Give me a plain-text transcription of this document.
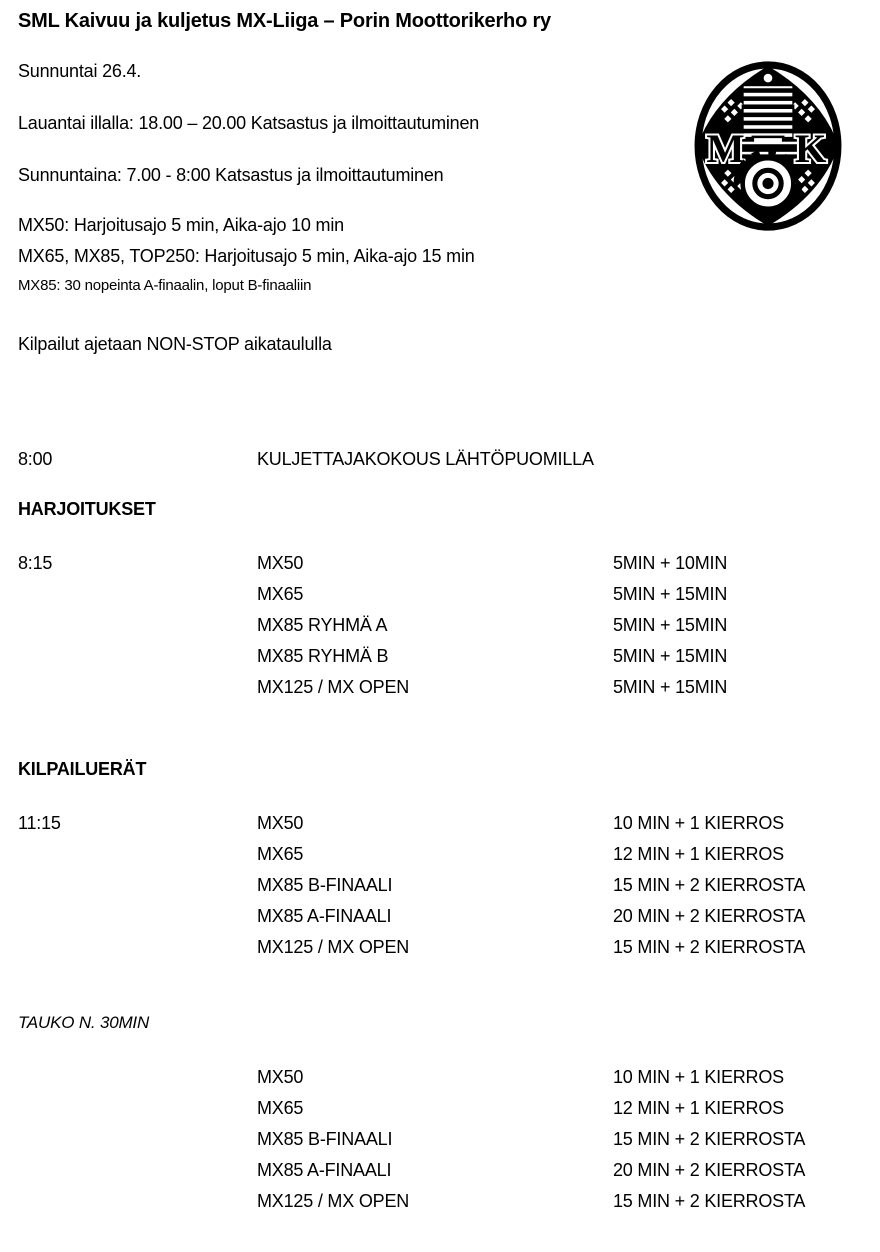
M K
SML Kaivuu ja kuljetus MX-Liiga – Porin Moottorikerho ry
Sunnuntai 26.4.
Lauantai illalla: 18.00 – 20.00 Katsastus ja ilmoittautuminen
Sunnuntaina: 7.00 - 8:00 Katsastus ja ilmoittautuminen
MX50: Harjoitusajo 5 min, Aika-ajo 10 min
MX65, MX85, TOP250: Harjoitusajo 5 min, Aika-ajo 15 min
MX85: 30 nopeinta A-finaalin, loput B-finaaliin
Kilpailut ajetaan NON-STOP aikataululla
8:00	KULJETTAJAKOKOUS LÄHTÖPUOMILLA
HARJOITUKSET
8:15	MX50	5MIN + 10MIN
MX65	5MIN + 15MIN
MX85 RYHMÄ A	5MIN + 15MIN
MX85 RYHMÄ B	5MIN + 15MIN
MX125 / MX OPEN	5MIN + 15MIN
KILPAILUERÄT
11:15	MX50	10 MIN + 1 KIERROS
MX65	12 MIN + 1 KIERROS
MX85 B-FINAALI	15 MIN + 2 KIERROSTA
MX85 A-FINAALI	20 MIN + 2 KIERROSTA
MX125 / MX OPEN	15 MIN + 2 KIERROSTA
TAUKO N. 30MIN
MX50	10 MIN + 1 KIERROS
MX65	12 MIN + 1 KIERROS
MX85 B-FINAALI	15 MIN + 2 KIERROSTA
MX85 A-FINAALI	20 MIN + 2 KIERROSTA
MX125 / MX OPEN	15 MIN + 2 KIERROSTA
